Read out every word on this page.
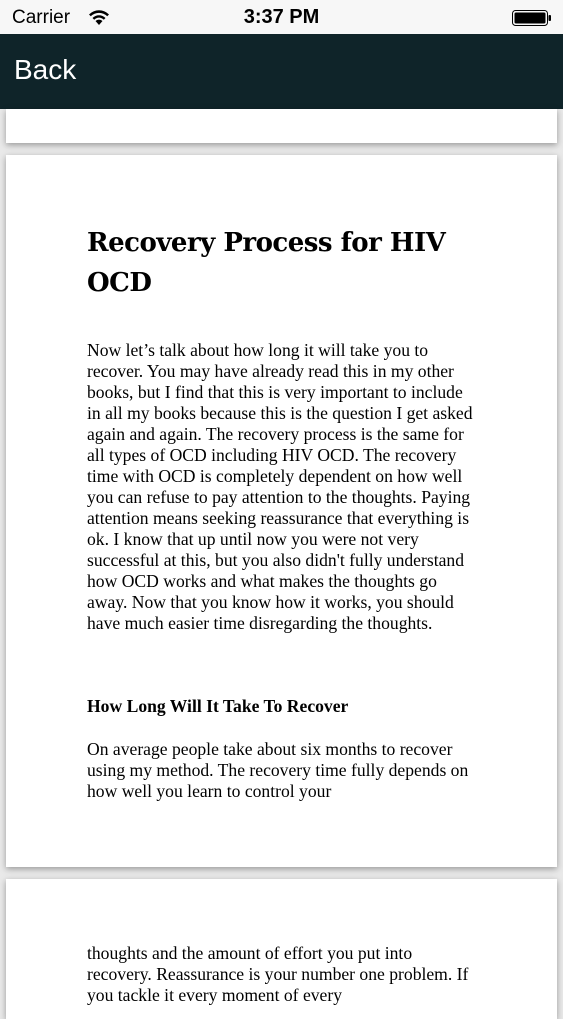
Carrier	3:37 PM
Back
Recovery Process for HIV OCD

Now let’s talk about how long it will take you to recover. You may have already read this in my other books, but I find that this is very important to include in all my books because this is the question I get asked again and again. The recovery process is the same for all types of OCD including HIV OCD. The recovery time with OCD is completely dependent on how well you can refuse to pay attention to the thoughts. Paying attention means seeking reassurance that everything is ok. I know that up until now you were not very successful at this, but you also didn't fully understand how OCD works and what makes the thoughts go away. Now that you know how it works, you should have much easier time disregarding the thoughts.

How Long Will It Take To Recover

On average people take about six months to recover using my method. The recovery time fully depends on how well you learn to control your

thoughts and the amount of effort you put into recovery. Reassurance is your number one problem. If you tackle it every moment of every
